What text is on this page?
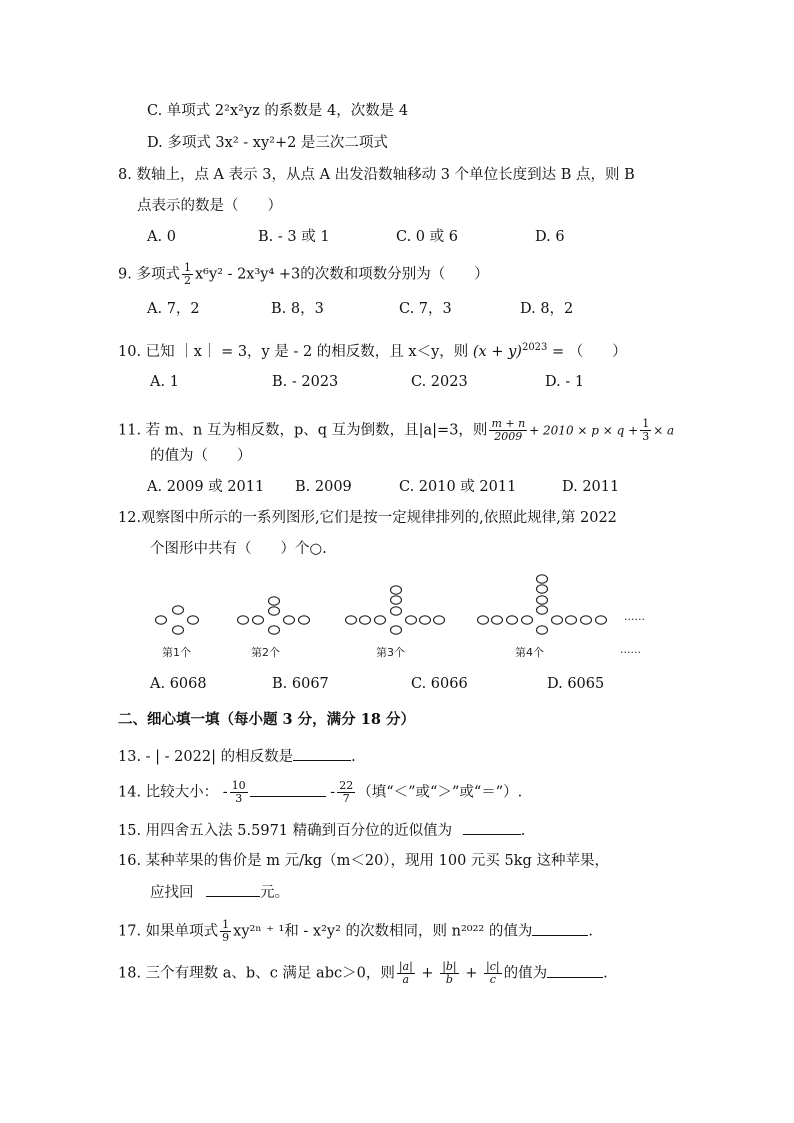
C. 单项式 2²x²yz 的系数是 4，次数是 4
D. 多项式 3x² - xy²+2 是三次二项式
8. 数轴上，点 A 表示 3，从点 A 出发沿数轴移动 3 个单位长度到达 B 点，则 B
点表示的数是（　　）
A. 0	B. - 3 或 1	C. 0 或 6	D. 6
9. 多项式 $\frac{1}{2} x^6y^2 - 2x^3y^4 +3$的次数和项数分别为（　　）
A. 7，2	B. 8，3	C. 7，3	D. 8，2
10. 已知 ｜x｜ = 3，y 是 - 2 的相反数，且 x＜y，则 $(x + y)^{2023}$ = （　　）
A. 1	B. - 2023	C. 2023	D. - 1
11. 若 m、n 互为相反数，p、q 互为倒数，且|a|=3，则 $\frac{m + n}{2009} + 2010 \times p \times q + \frac{1}{3} \times a$
的值为（　　）
A. 2009 或 2011 B. 2009	C. 2010 或 2011	D. 2011
12.观察图中所示的一系列图形,它们是按一定规律排列的,依照此规律,第 2022
个图形中共有（　　）个○.
······
第1个	第2个	第3个	第4个	······
A. 6068	B. 6067	C. 6066	D. 6065
二、细心填一填（每小题 3 分，满分 18 分）
13. - | - 2022| 的相反数是	.
14. 比较大小： - $\frac{10}{3}$	- $\frac{22}{7}$ （填“＜”或“＞”或“＝”）.
15. 用四舍五入法 5.5971 精确到百分位的近似值为	.
16. 某种苹果的售价是 m 元/kg（m＜20），现用 100 元买 5kg 这种苹果，
应找回	元。
17. 如果单项式 $\frac{1}{9} xy^{2n}$ ⁺ ¹和 - x²y² 的次数相同，则 n²⁰²² 的值为	.
18. 三个有理数 a、b、c 满足 abc＞0，则 $\frac{|a|}{a} + \frac{|b|}{b} + \frac{|c|}{c}$ 的值为	.
